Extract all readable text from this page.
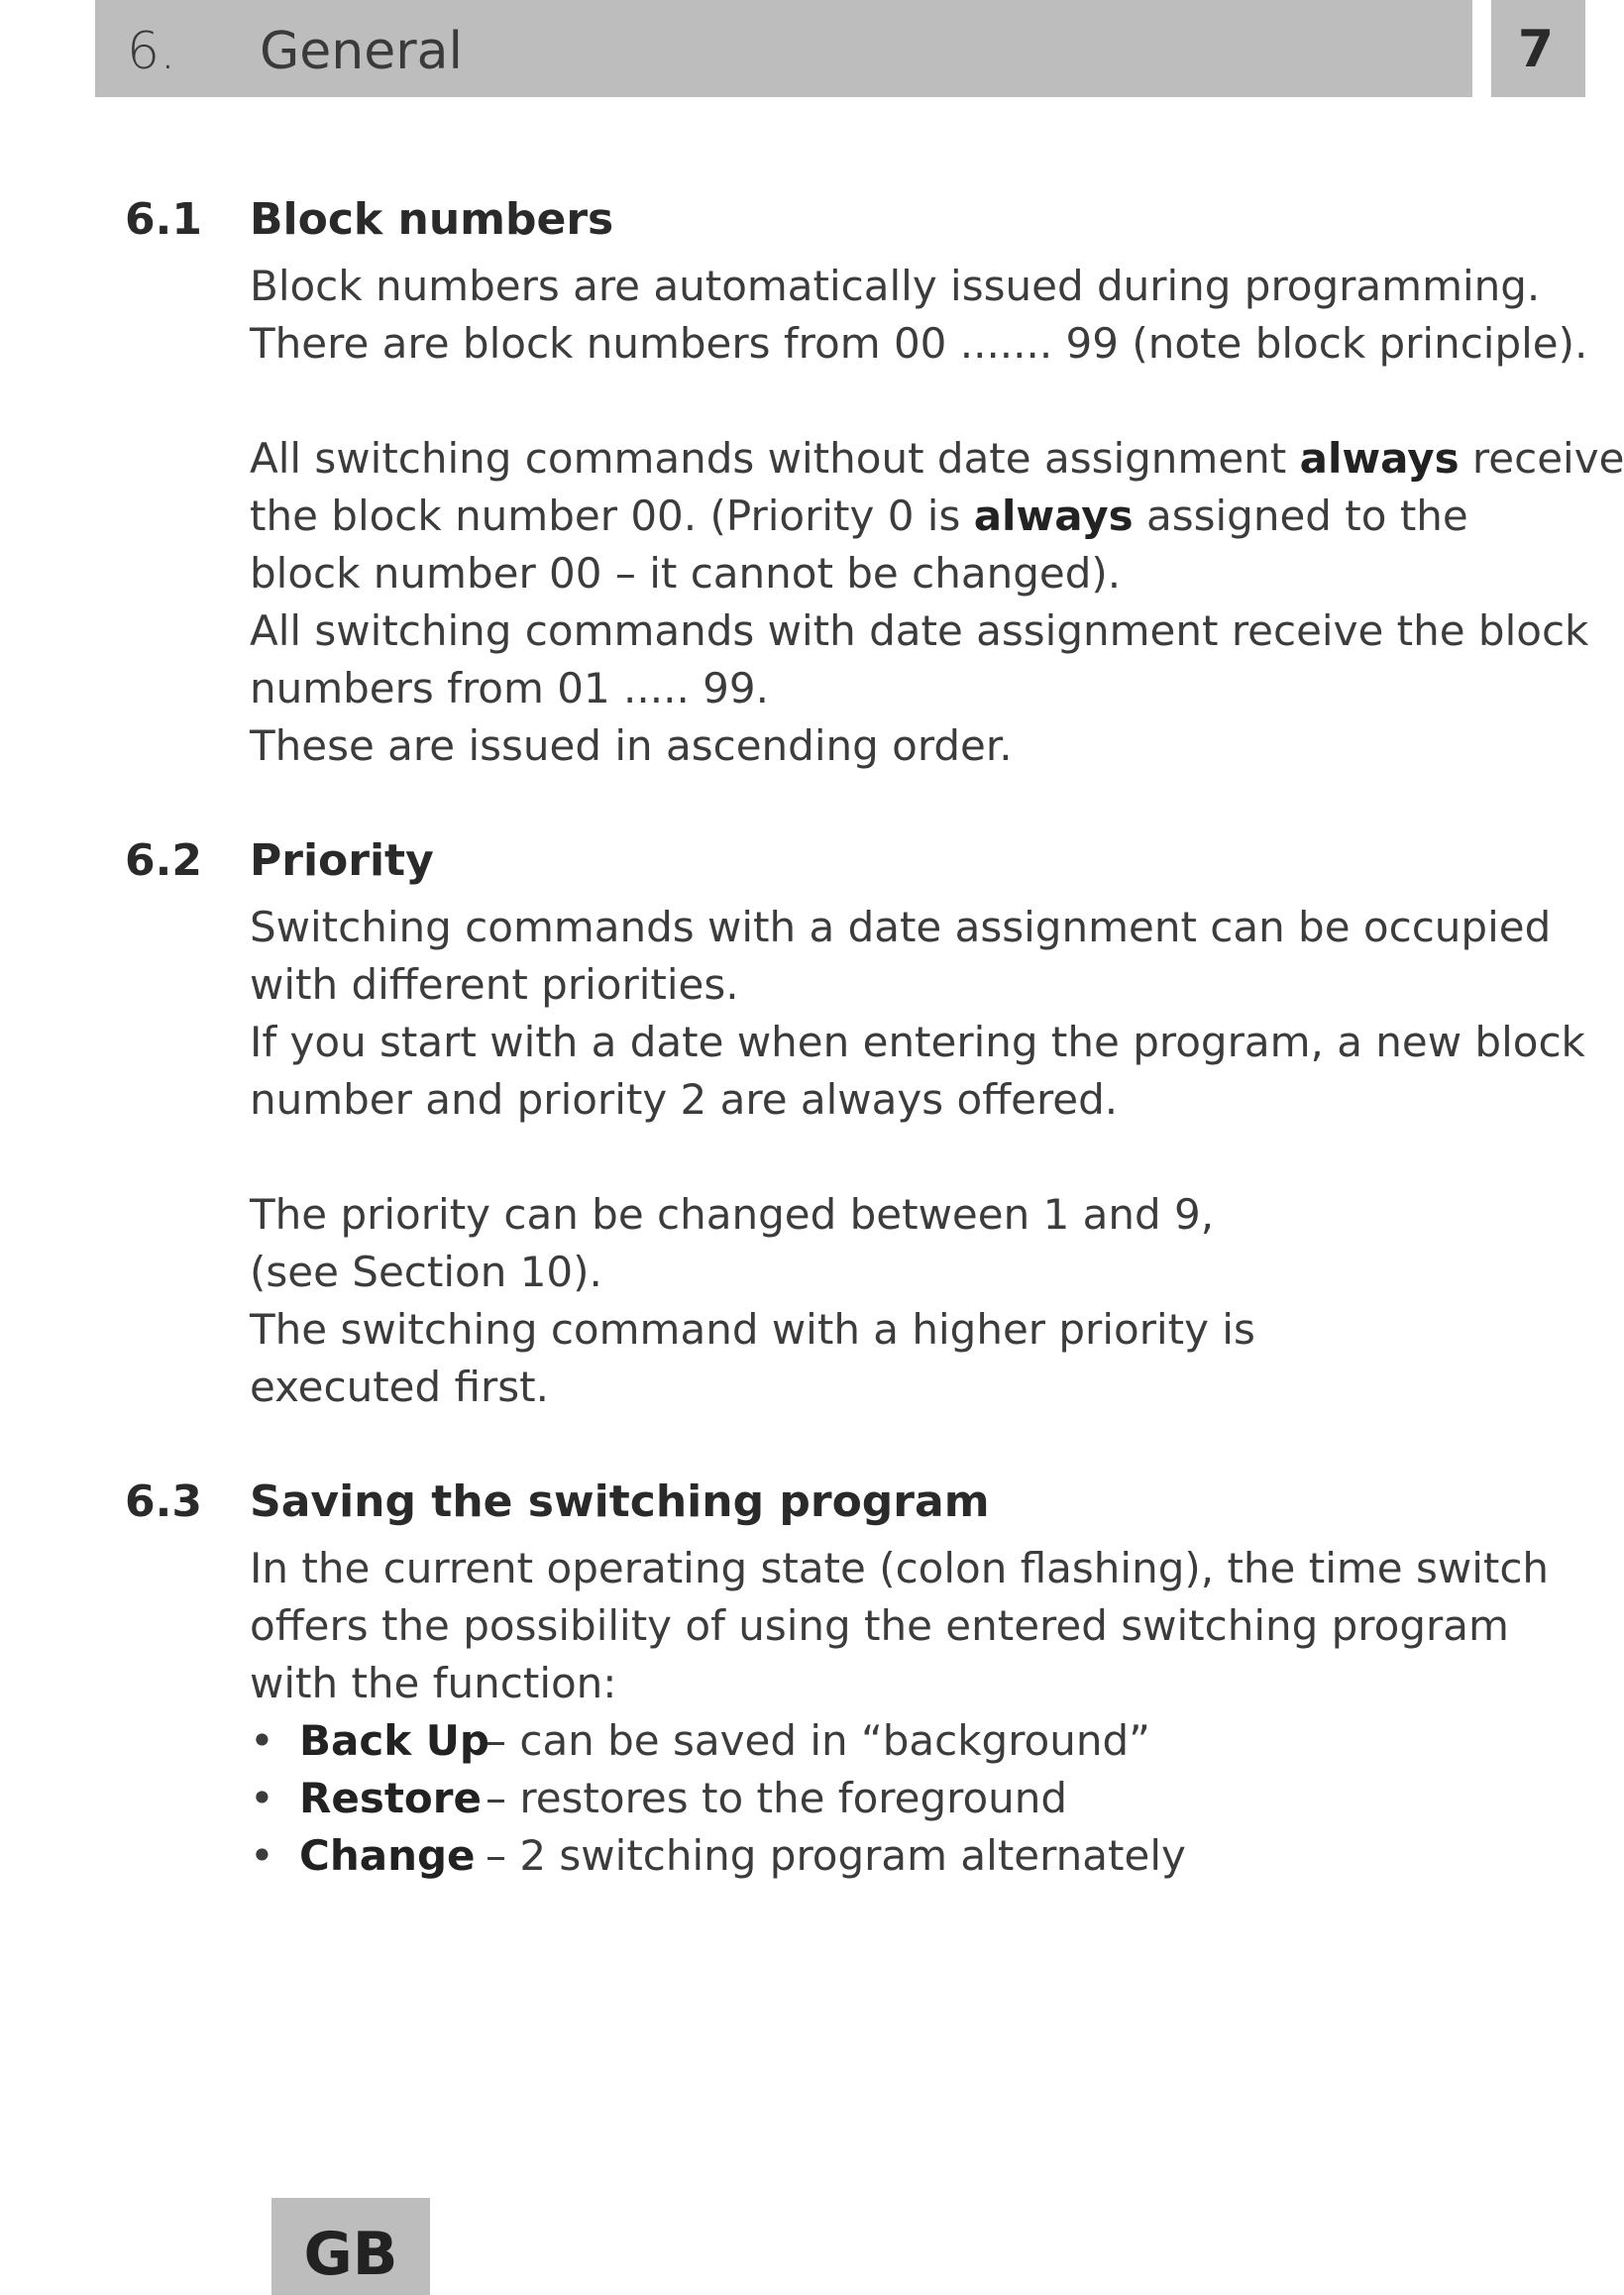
6. General	7
6.1 Block numbers
Block numbers are automatically issued during programming.
There are block numbers from 00 ....... 99 (note block principle).
All switching commands without date assignment always receive
the block number 00. (Priority 0 is always assigned to the
block number 00 – it cannot be changed).
All switching commands with date assignment receive the block
numbers from 01 ..... 99.
These are issued in ascending order.
6.2 Priority
Switching commands with a date assignment can be occupied
with different priorities.
If you start with a date when entering the program, a new block
number and priority 2 are always offered.
The priority can be changed between 1 and 9,
(see Section 10).
The switching command with a higher priority is
executed first.
6.3 Saving the switching program
In the current operating state (colon flashing), the time switch
offers the possibility of using the entered switching program
with the function:
• Back Up– can be saved in “background”
• Restore– restores to the foreground
• Change – 2 switching program alternately
GB
